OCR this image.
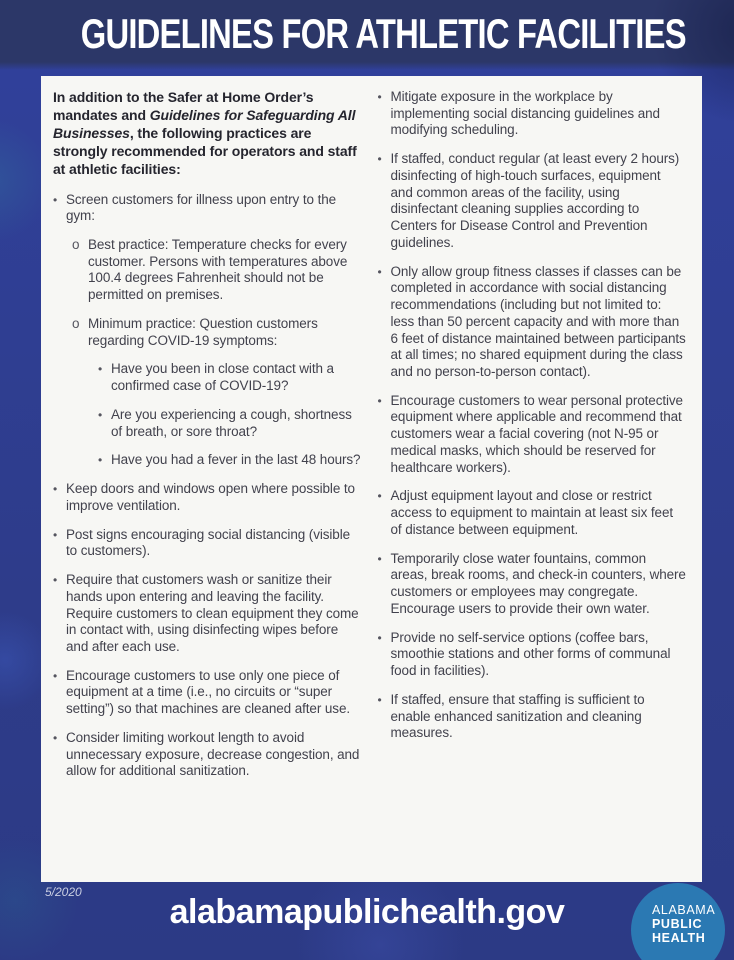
GUIDELINES FOR ATHLETIC FACILITIES

In addition to the Safer at Home Order’s mandates and Guidelines for Safeguarding All Businesses, the following practices are strongly recommended for operators and staff at athletic facilities:

• Screen customers for illness upon entry to the gym:
o Best practice: Temperature checks for every customer. Persons with temperatures above 100.4 degrees Fahrenheit should not be permitted on premises.
o Minimum practice: Question customers regarding COVID-19 symptoms:
• Have you been in close contact with a confirmed case of COVID-19?
• Are you experiencing a cough, shortness of breath, or sore throat?
• Have you had a fever in the last 48 hours?
• Keep doors and windows open where possible to improve ventilation.
• Post signs encouraging social distancing (visible to customers).
• Require that customers wash or sanitize their hands upon entering and leaving the facility. Require customers to clean equipment they come in contact with, using disinfecting wipes before and after each use.
• Encourage customers to use only one piece of equipment at a time (i.e., no circuits or “super setting”) so that machines are cleaned after use.
• Consider limiting workout length to avoid unnecessary exposure, decrease congestion, and allow for additional sanitization.
• Mitigate exposure in the workplace by implementing social distancing guidelines and modifying scheduling.
• If staffed, conduct regular (at least every 2 hours) disinfecting of high-touch surfaces, equipment and common areas of the facility, using disinfectant cleaning supplies according to Centers for Disease Control and Prevention guidelines.
• Only allow group fitness classes if classes can be completed in accordance with social distancing recommendations (including but not limited to: less than 50 percent capacity and with more than 6 feet of distance maintained between participants at all times; no shared equipment during the class and no person-to-person contact).
• Encourage customers to wear personal protective equipment where applicable and recommend that customers wear a facial covering (not N-95 or medical masks, which should be reserved for healthcare workers).
• Adjust equipment layout and close or restrict access to equipment to maintain at least six feet of distance between equipment.
• Temporarily close water fountains, common areas, break rooms, and check-in counters, where customers or employees may congregate. Encourage users to provide their own water.
• Provide no self-service options (coffee bars, smoothie stations and other forms of communal food in facilities).
• If staffed, ensure that staffing is sufficient to enable enhanced sanitization and cleaning measures.
5/2020
alabamapublichealth.gov	ALABAMA
PUBLIC
HEALTH
